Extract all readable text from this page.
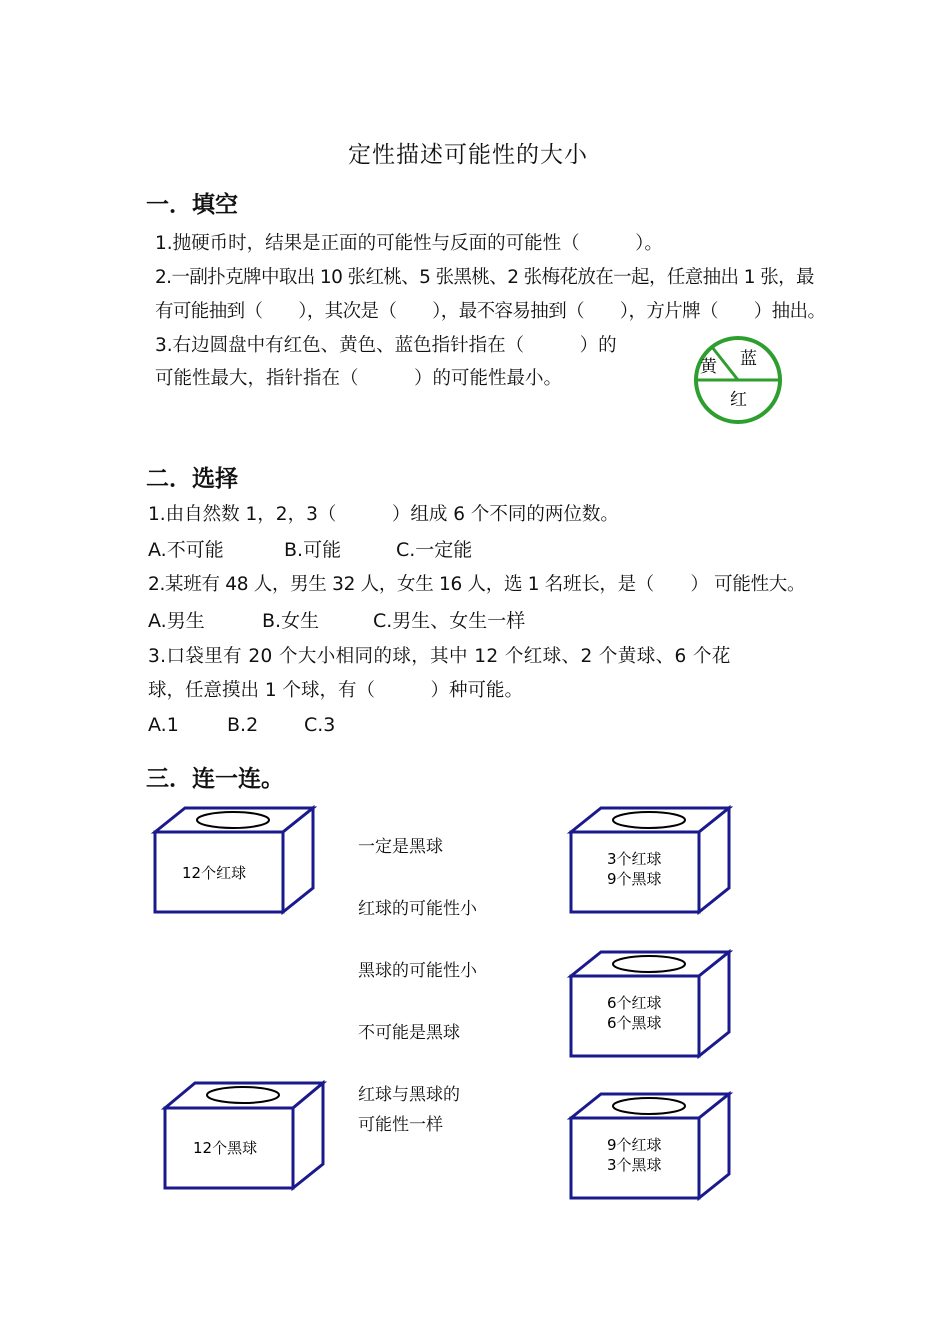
定性描述可能性的大小
一．填空
1.抛硬币时，结果是正面的可能性与反面的可能性（　　　）。
2.一副扑克牌中取出 10 张红桃、5 张黑桃、2 张梅花放在一起，任意抽出 1 张，最
有可能抽到（　　），其次是（　　），最不容易抽到（　　），方片牌（　　）抽出。
3.右边圆盘中有红色、黄色、蓝色指针指在（　　　）的
可能性最大，指针指在（　　　）的可能性最小。
黄 蓝
红
二．选择
1.由自然数 1，2，3（　　　）组成 6 个不同的两位数。
A.不可能	B.可能	C.一定能
2.某班有 48 人，男生 32 人，女生 16 人，选 1 名班长，是（　　） 可能性大。
A.男生	B.女生	C.男生、女生一样
3.口袋里有 20 个大小相同的球，其中 12 个红球、2 个黄球、6 个花
球，任意摸出 1 个球，有（　　　）种可能。
A.1	B.2 C.3
三．连一连。
一定是黑球
红球的可能性小
黑球的可能性小
不可能是黑球
红球与黑球的
可能性一样
12个红球
12个黑球
3个红球
9个黑球
6个红球
6个黑球
9个红球
3个黑球
